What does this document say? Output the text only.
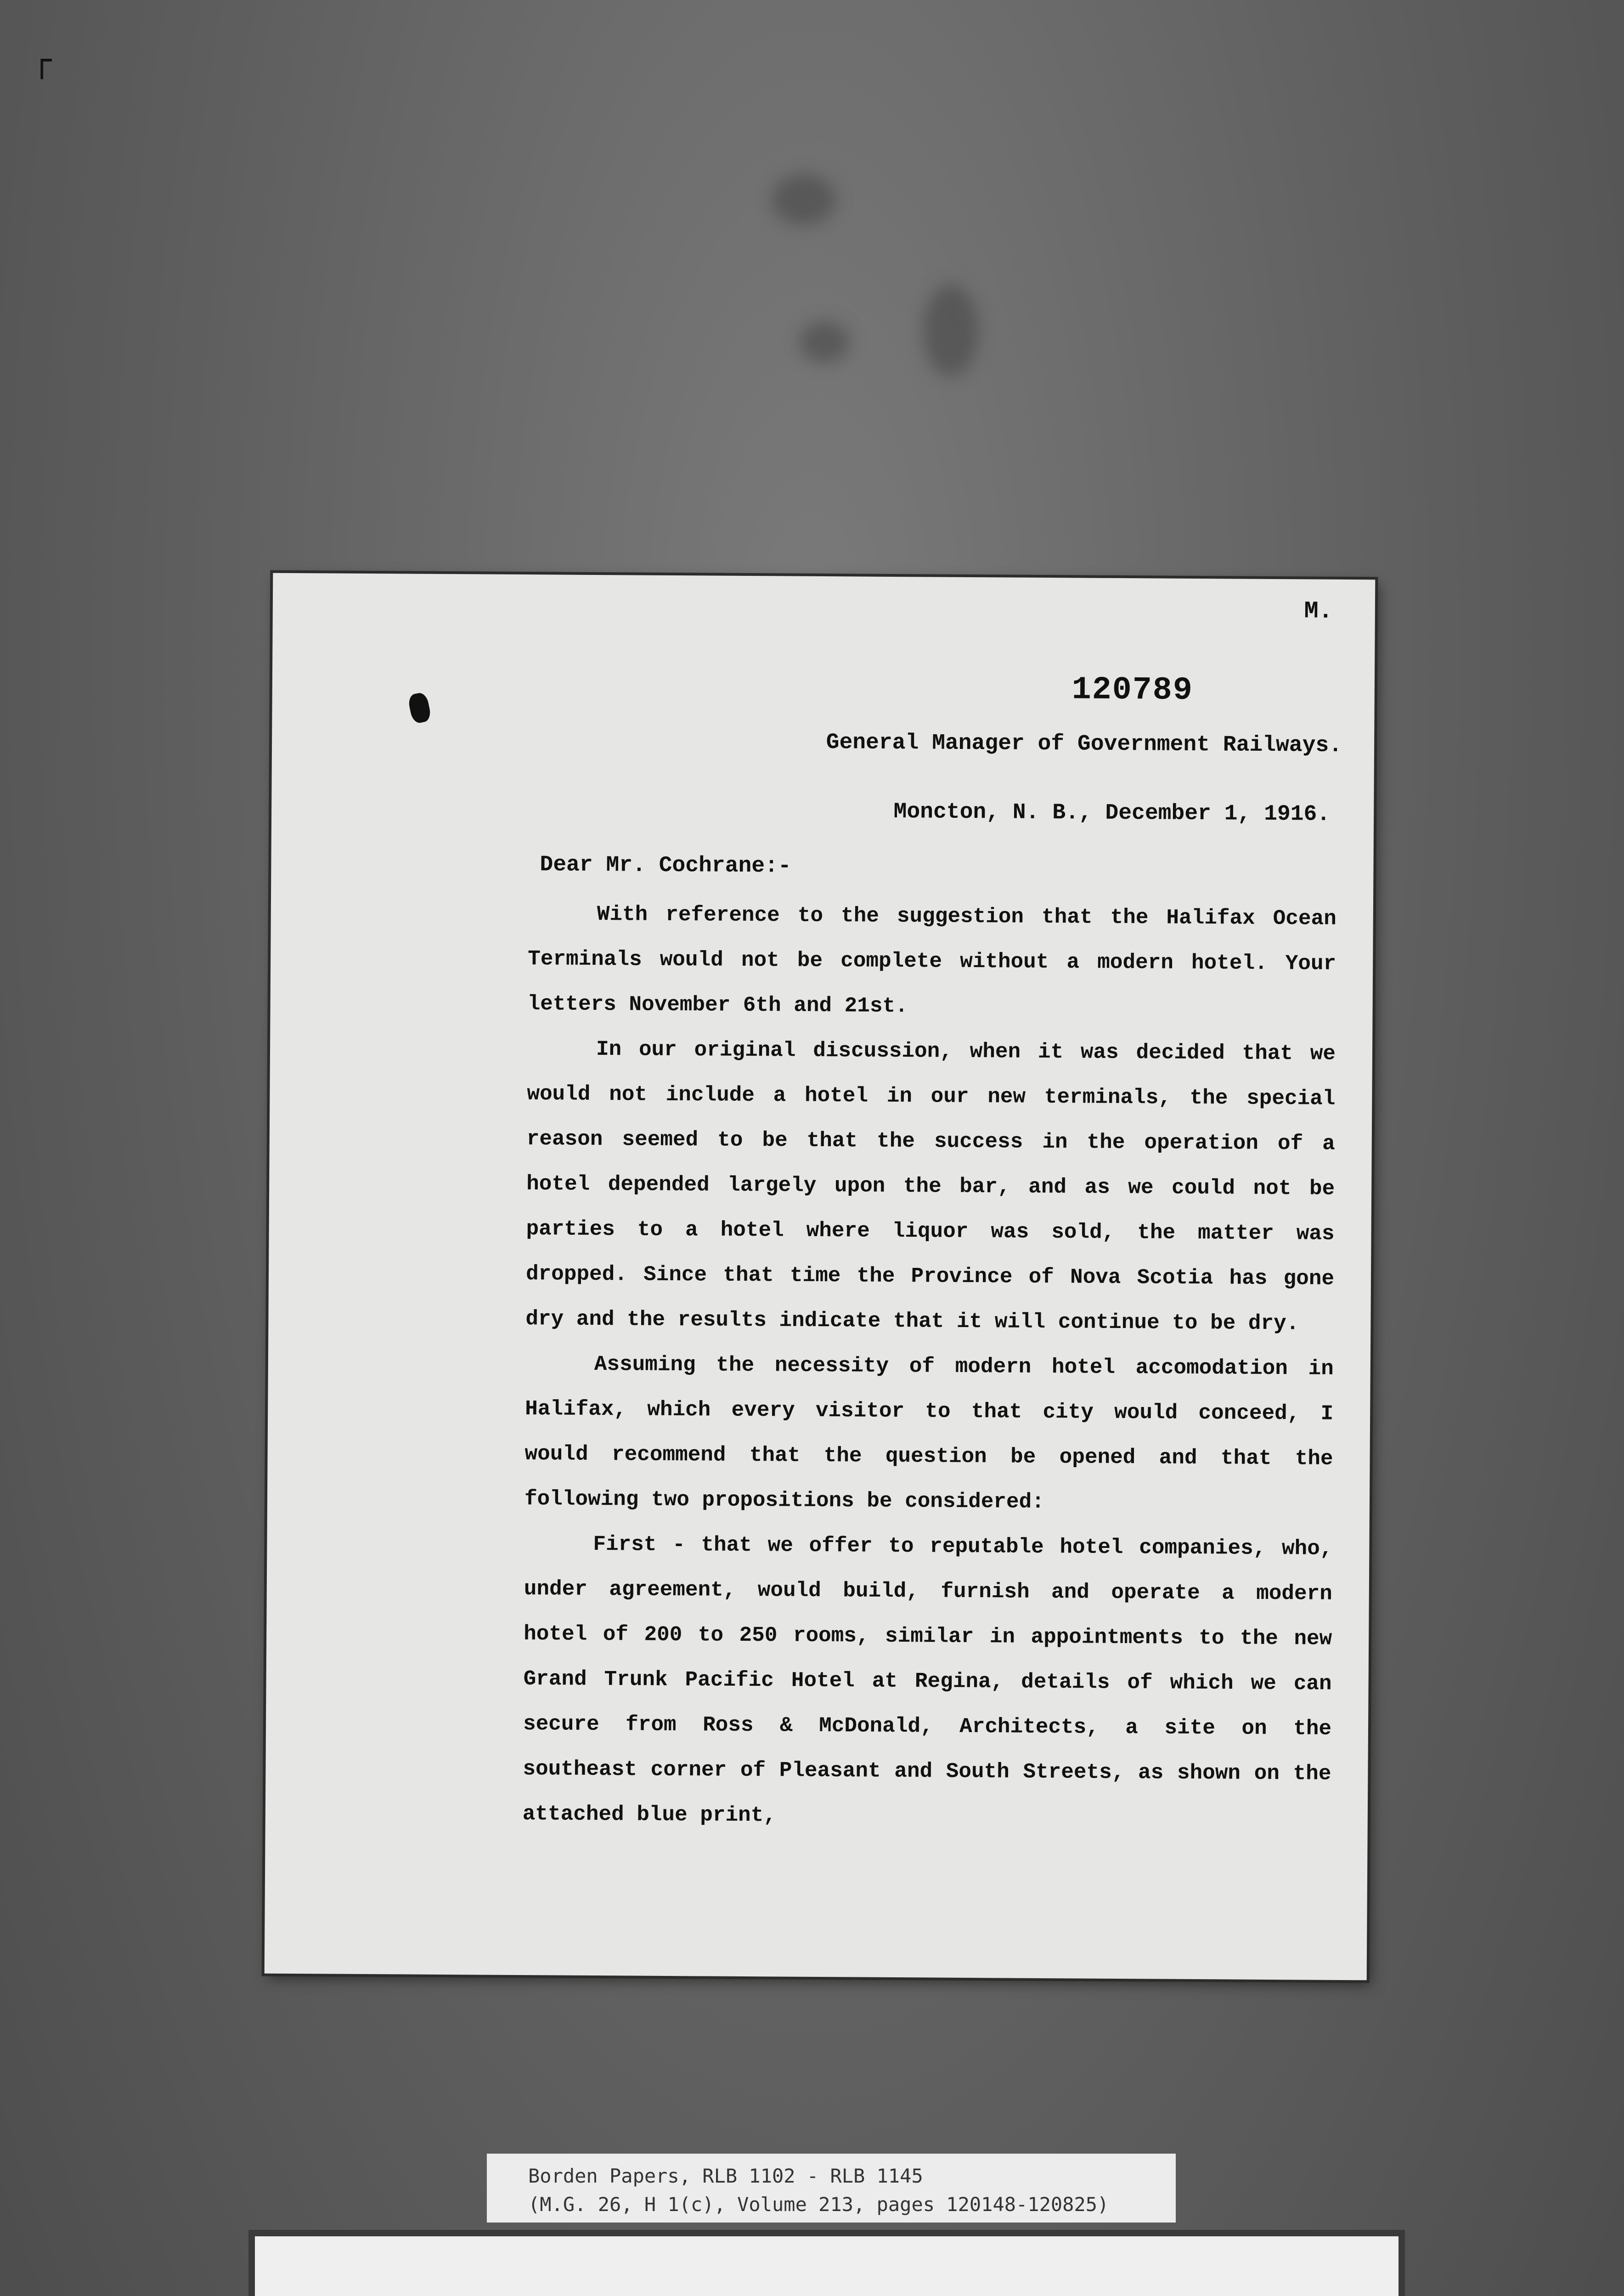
┌
M.
120789
General Manager of Government Railways.
Moncton, N. B., December 1, 1916.
Dear Mr. Cochrane:-

With reference to the suggestion that the Halifax Ocean Terminals would not be complete without a modern hotel. Your letters November 6th and 21st.

In our original discussion, when it was decided that we would not include a hotel in our new terminals, the special reason seemed to be that the success in the operation of a hotel depended largely upon the bar, and as we could not be parties to a hotel where liquor was sold, the matter was dropped. Since that time the Province of Nova Scotia has gone dry and the results indicate that it will continue to be dry.

Assuming the necessity of modern hotel accomodation in Halifax, which every visitor to that city would conceed, I would recommend that the question be opened and that the following two propositions be considered:

First - that we offer to reputable hotel companies, who, under agreement, would build, furnish and operate a modern hotel of 200 to 250 rooms, similar in appointments to the new Grand Trunk Pacific Hotel at Regina, details of which we can secure from Ross & McDonald, Architects, a site on the southeast corner of Pleasant and South Streets, as shown on the attached blue print,

Borden Papers, RLB 1102 - RLB 1145
(M.G. 26, H 1(c), Volume 213, pages 120148-120825)
